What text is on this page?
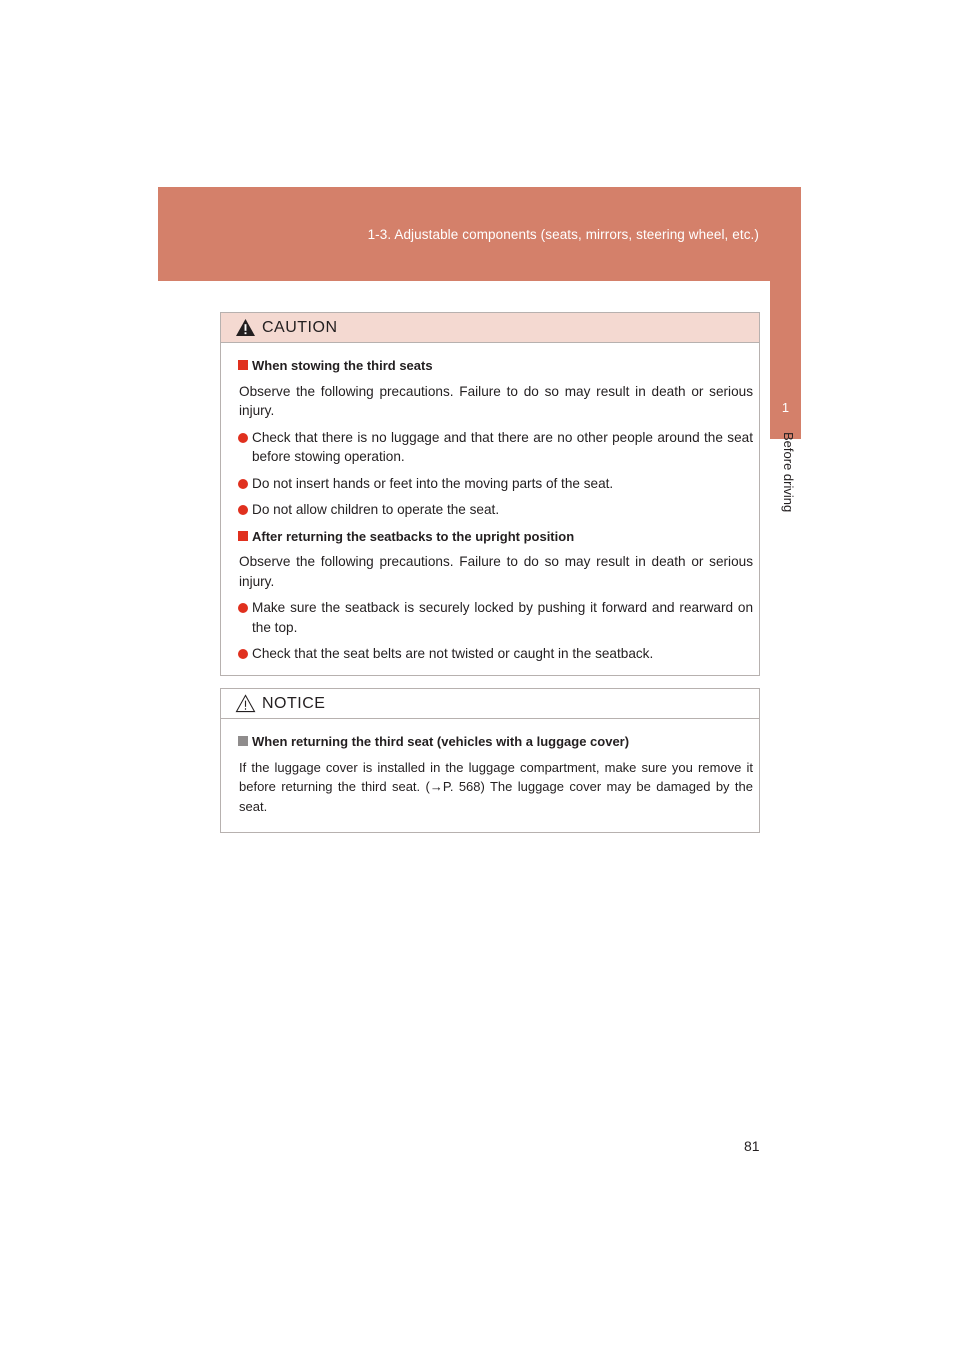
1-3. Adjustable components (seats, mirrors, steering wheel, etc.)
1
Before driving
CAUTION
When stowing the third seats

Observe the following precautions. Failure to do so may result in death or serious injury.

Check that there is no luggage and that there are no other people around the seat before stowing operation.
Do not insert hands or feet into the moving parts of the seat.
Do not allow children to operate the seat.
After returning the seatbacks to the upright position

Observe the following precautions. Failure to do so may result in death or serious injury.

Make sure the seatback is securely locked by pushing it forward and rearward on the top.
Check that the seat belts are not twisted or caught in the seatback.
NOTICE
When returning the third seat (vehicles with a luggage cover)

If the luggage cover is installed in the luggage compartment, make sure you remove it before returning the third seat. (→P. 568) The luggage cover may be damaged by the seat.

81
